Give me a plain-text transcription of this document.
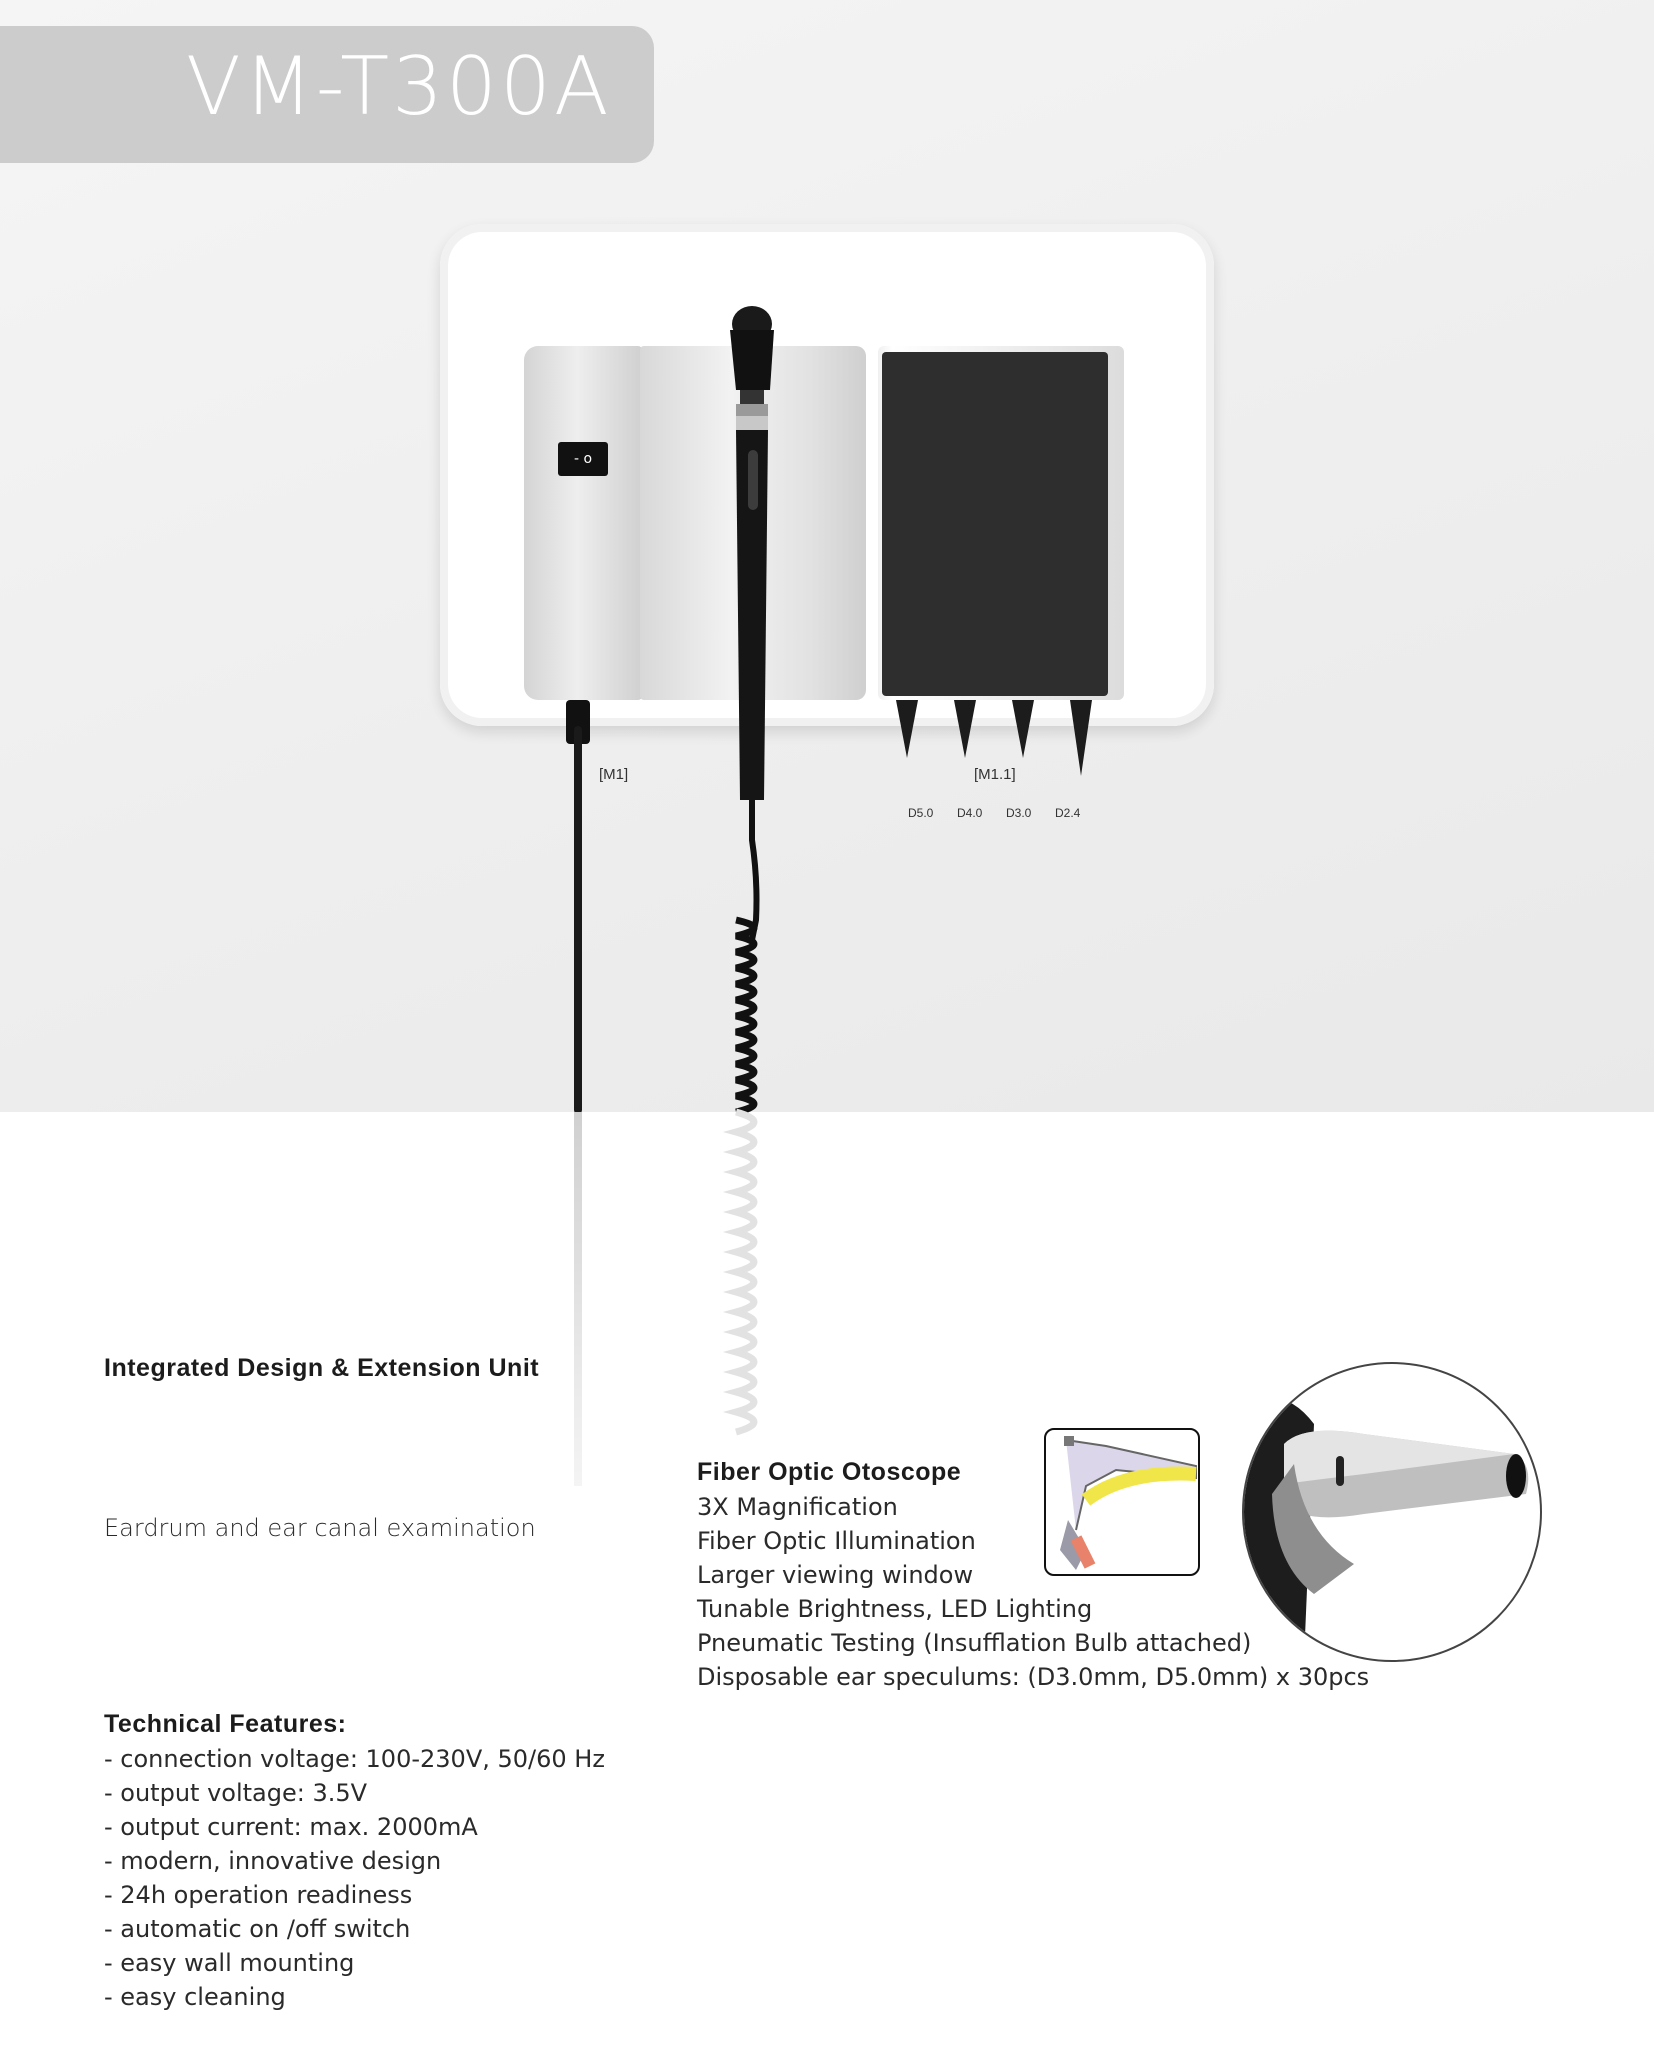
VM-T300A
- o
[M1]	[M1.1]
D5.0 D4.0 D3.0 D2.4
Integrated Design & Extension Unit
Eardrum and ear canal examination
Fiber Optic Otoscope
3X Magnification
Fiber Optic Illumination
Larger viewing window
Tunable Brightness, LED Lighting
Pneumatic Testing (Insufflation Bulb attached)
Disposable ear speculums: (D3.0mm, D5.0mm) x 30pcs
Technical Features:
- connection voltage: 100-230V, 50/60 Hz
- output voltage: 3.5V
- output current: max. 2000mA
- modern, innovative design
- 24h operation readiness
- automatic on /off switch
- easy wall mounting
- easy cleaning
